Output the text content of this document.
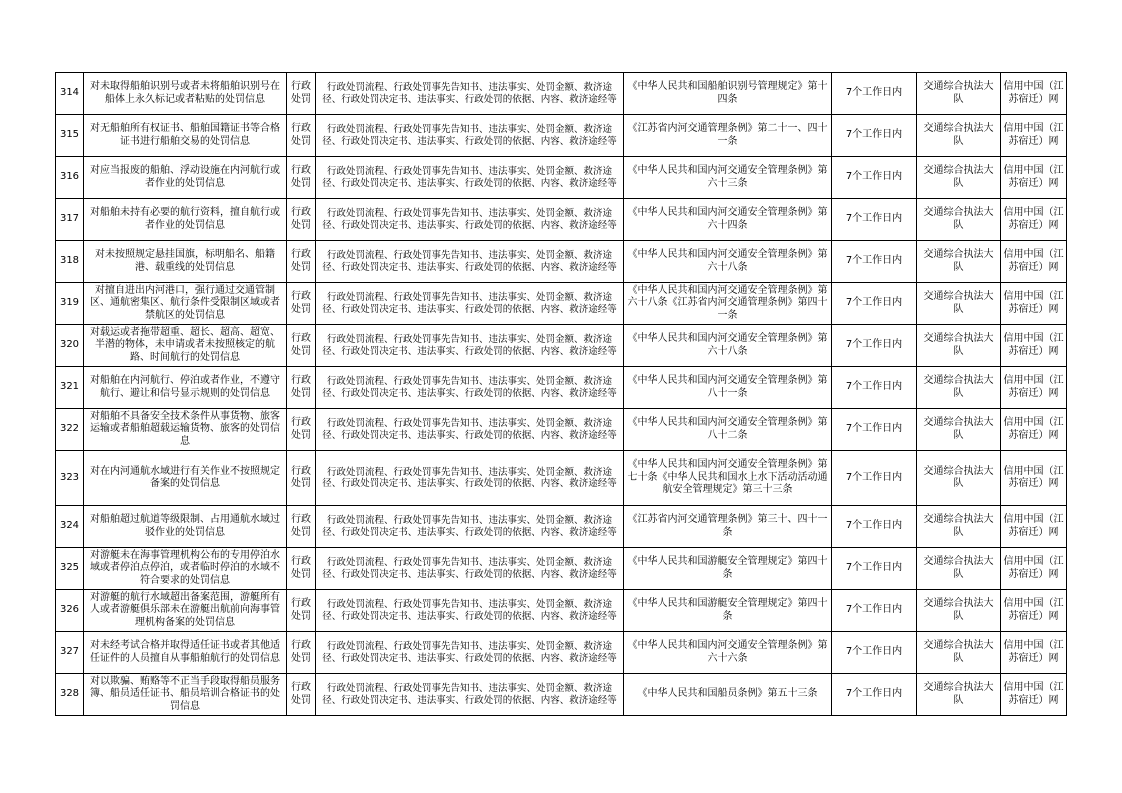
314	对未取得船舶识别号或者未将船舶识别号在船体上永久标记或者粘贴的处罚信息	行政处罚	行政处罚流程、行政处罚事先告知书、违法事实、处罚金额、救济途径、行政处罚决定书、违法事实、行政处罚的依据、内容、救济途经等	《中华人民共和国船舶识别号管理规定》第十四条	7个工作日内	交通综合执法大队	信用中国（江苏宿迁）网
315	对无船舶所有权证书、船舶国籍证书等合格证书进行船舶交易的处罚信息	行政处罚	行政处罚流程、行政处罚事先告知书、违法事实、处罚金额、救济途径、行政处罚决定书、违法事实、行政处罚的依据、内容、救济途经等	《江苏省内河交通管理条例》第二十一、四十一条	7个工作日内	交通综合执法大队	信用中国（江苏宿迁）网
316	对应当报废的船舶、浮动设施在内河航行或者作业的处罚信息	行政处罚	行政处罚流程、行政处罚事先告知书、违法事实、处罚金额、救济途径、行政处罚决定书、违法事实、行政处罚的依据、内容、救济途经等	《中华人民共和国内河交通安全管理条例》第六十三条	7个工作日内	交通综合执法大队	信用中国（江苏宿迁）网
317	对船舶未持有必要的航行资料，擅自航行或者作业的处罚信息	行政处罚	行政处罚流程、行政处罚事先告知书、违法事实、处罚金额、救济途径、行政处罚决定书、违法事实、行政处罚的依据、内容、救济途经等	《中华人民共和国内河交通安全管理条例》第六十四条	7个工作日内	交通综合执法大队	信用中国（江苏宿迁）网
318	对未按照规定悬挂国旗，标明船名、船籍港、载重线的处罚信息	行政处罚	行政处罚流程、行政处罚事先告知书、违法事实、处罚金额、救济途径、行政处罚决定书、违法事实、行政处罚的依据、内容、救济途经等	《中华人民共和国内河交通安全管理条例》第六十八条	7个工作日内	交通综合执法大队	信用中国（江苏宿迁）网
319	对擅自进出内河港口，强行通过交通管制区、通航密集区、航行条件受限制区域或者禁航区的处罚信息	行政处罚	行政处罚流程、行政处罚事先告知书、违法事实、处罚金额、救济途径、行政处罚决定书、违法事实、行政处罚的依据、内容、救济途经等	《中华人民共和国内河交通安全管理条例》第六十八条《江苏省内河交通管理条例》第四十一条	7个工作日内	交通综合执法大队	信用中国（江苏宿迁）网
320	对载运或者拖带超重、超长、超高、超宽、半潜的物体，未申请或者未按照核定的航路、时间航行的处罚信息	行政处罚	行政处罚流程、行政处罚事先告知书、违法事实、处罚金额、救济途径、行政处罚决定书、违法事实、行政处罚的依据、内容、救济途经等	《中华人民共和国内河交通安全管理条例》第六十八条	7个工作日内	交通综合执法大队	信用中国（江苏宿迁）网
321	对船舶在内河航行、停泊或者作业，不遵守航行、避让和信号显示规则的处罚信息	行政处罚	行政处罚流程、行政处罚事先告知书、违法事实、处罚金额、救济途径、行政处罚决定书、违法事实、行政处罚的依据、内容、救济途经等	《中华人民共和国内河交通安全管理条例》第八十一条	7个工作日内	交通综合执法大队	信用中国（江苏宿迁）网
322	对船舶不具备安全技术条件从事货物、旅客运输或者船舶超载运输货物、旅客的处罚信息	行政处罚	行政处罚流程、行政处罚事先告知书、违法事实、处罚金额、救济途径、行政处罚决定书、违法事实、行政处罚的依据、内容、救济途经等	《中华人民共和国内河交通安全管理条例》第八十二条	7个工作日内	交通综合执法大队	信用中国（江苏宿迁）网
323	对在内河通航水域进行有关作业不按照规定备案的处罚信息	行政处罚	行政处罚流程、行政处罚事先告知书、违法事实、处罚金额、救济途径、行政处罚决定书、违法事实、行政处罚的依据、内容、救济途经等	《中华人民共和国内河交通安全管理条例》第七十条《中华人民共和国水上水下活动活动通航安全管理规定》第三十三条	7个工作日内	交通综合执法大队	信用中国（江苏宿迁）网
324	对船舶超过航道等级限制、占用通航水域过驳作业的处罚信息	行政处罚	行政处罚流程、行政处罚事先告知书、违法事实、处罚金额、救济途径、行政处罚决定书、违法事实、行政处罚的依据、内容、救济途经等	《江苏省内河交通管理条例》第三十、四十一条	7个工作日内	交通综合执法大队	信用中国（江苏宿迁）网
325	对游艇未在海事管理机构公布的专用停泊水域或者停泊点停泊，或者临时停泊的水域不符合要求的处罚信息	行政处罚	行政处罚流程、行政处罚事先告知书、违法事实、处罚金额、救济途径、行政处罚决定书、违法事实、行政处罚的依据、内容、救济途经等	《中华人民共和国游艇安全管理规定》第四十条	7个工作日内	交通综合执法大队	信用中国（江苏宿迁）网
326	对游艇的航行水域超出备案范围，游艇所有人或者游艇俱乐部未在游艇出航前向海事管理机构备案的处罚信息	行政处罚	行政处罚流程、行政处罚事先告知书、违法事实、处罚金额、救济途径、行政处罚决定书、违法事实、行政处罚的依据、内容、救济途经等	《中华人民共和国游艇安全管理规定》第四十条	7个工作日内	交通综合执法大队	信用中国（江苏宿迁）网
327	对未经考试合格并取得适任证书或者其他适任证件的人员擅自从事船舶航行的处罚信息	行政处罚	行政处罚流程、行政处罚事先告知书、违法事实、处罚金额、救济途径、行政处罚决定书、违法事实、行政处罚的依据、内容、救济途经等	《中华人民共和国内河交通安全管理条例》第六十六条	7个工作日内	交通综合执法大队	信用中国（江苏宿迁）网
328	对以欺骗、贿赂等不正当手段取得船员服务簿、船员适任证书、船员培训合格证书的处罚信息	行政处罚	行政处罚流程、行政处罚事先告知书、违法事实、处罚金额、救济途径、行政处罚决定书、违法事实、行政处罚的依据、内容、救济途经等	《中华人民共和国船员条例》第五十三条	7个工作日内	交通综合执法大队	信用中国（江苏宿迁）网
